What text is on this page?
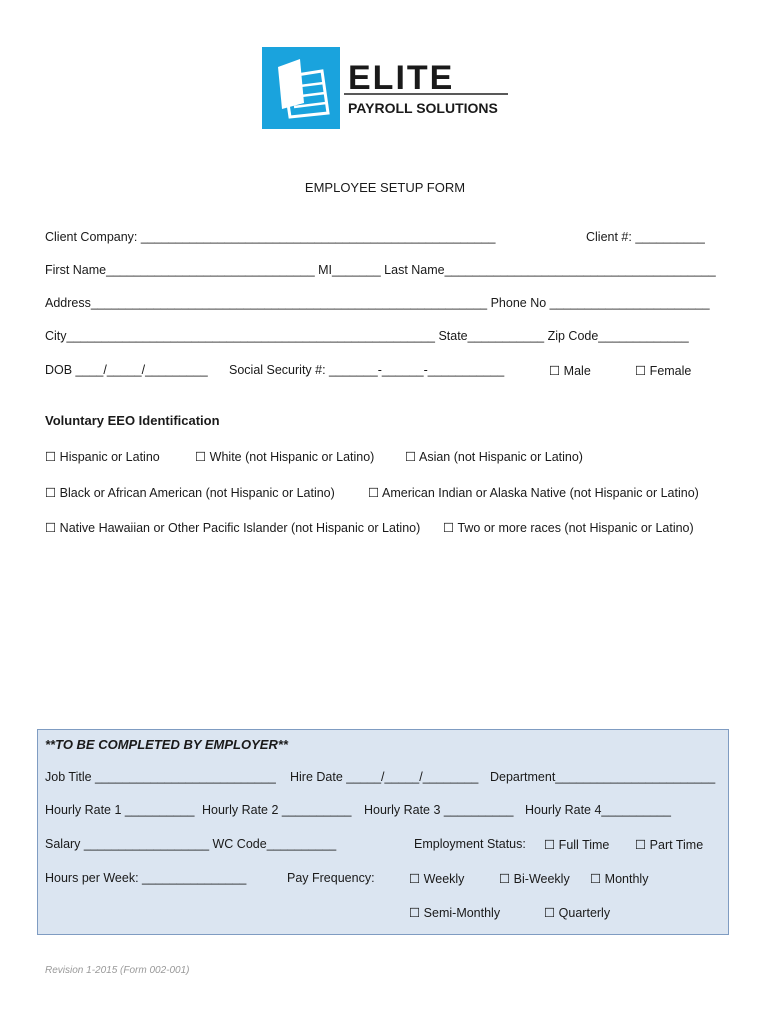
ELITE
PAYROLL SOLUTIONS
EMPLOYEE SETUP FORM
Client Company: ___________________________________________________	Client #: __________
First Name______________________________ MI_______ Last Name_______________________________________
Address_________________________________________________________ Phone No _______________________
City_____________________________________________________ State___________ Zip Code_____________
DOB ____/_____/_________ Social Security #: _______-______-___________	☐ Male	☐ Female
Voluntary EEO Identification
☐ Hispanic or Latino	☐ White (not Hispanic or Latino) ☐ Asian (not Hispanic or Latino)
☐ Black or African American (not Hispanic or Latino)	☐ American Indian or Alaska Native (not Hispanic or Latino)
☐ Native Hawaiian or Other Pacific Islander (not Hispanic or Latino) ☐ Two or more races (not Hispanic or Latino)
**TO BE COMPLETED BY EMPLOYER**
Job Title __________________________ Hire Date _____/_____/________ Department_______________________
Hourly Rate 1 __________ Hourly Rate 2 __________ Hourly Rate 3 __________ Hourly Rate 4__________
Salary __________________ WC Code__________	Employment Status: ☐ Full Time ☐ Part Time
Hours per Week: _______________	Pay Frequency:	☐ Weekly	☐ Bi-Weekly ☐ Monthly
☐ Semi-Monthly	☐ Quarterly
Revision 1-2015 (Form 002-001)
